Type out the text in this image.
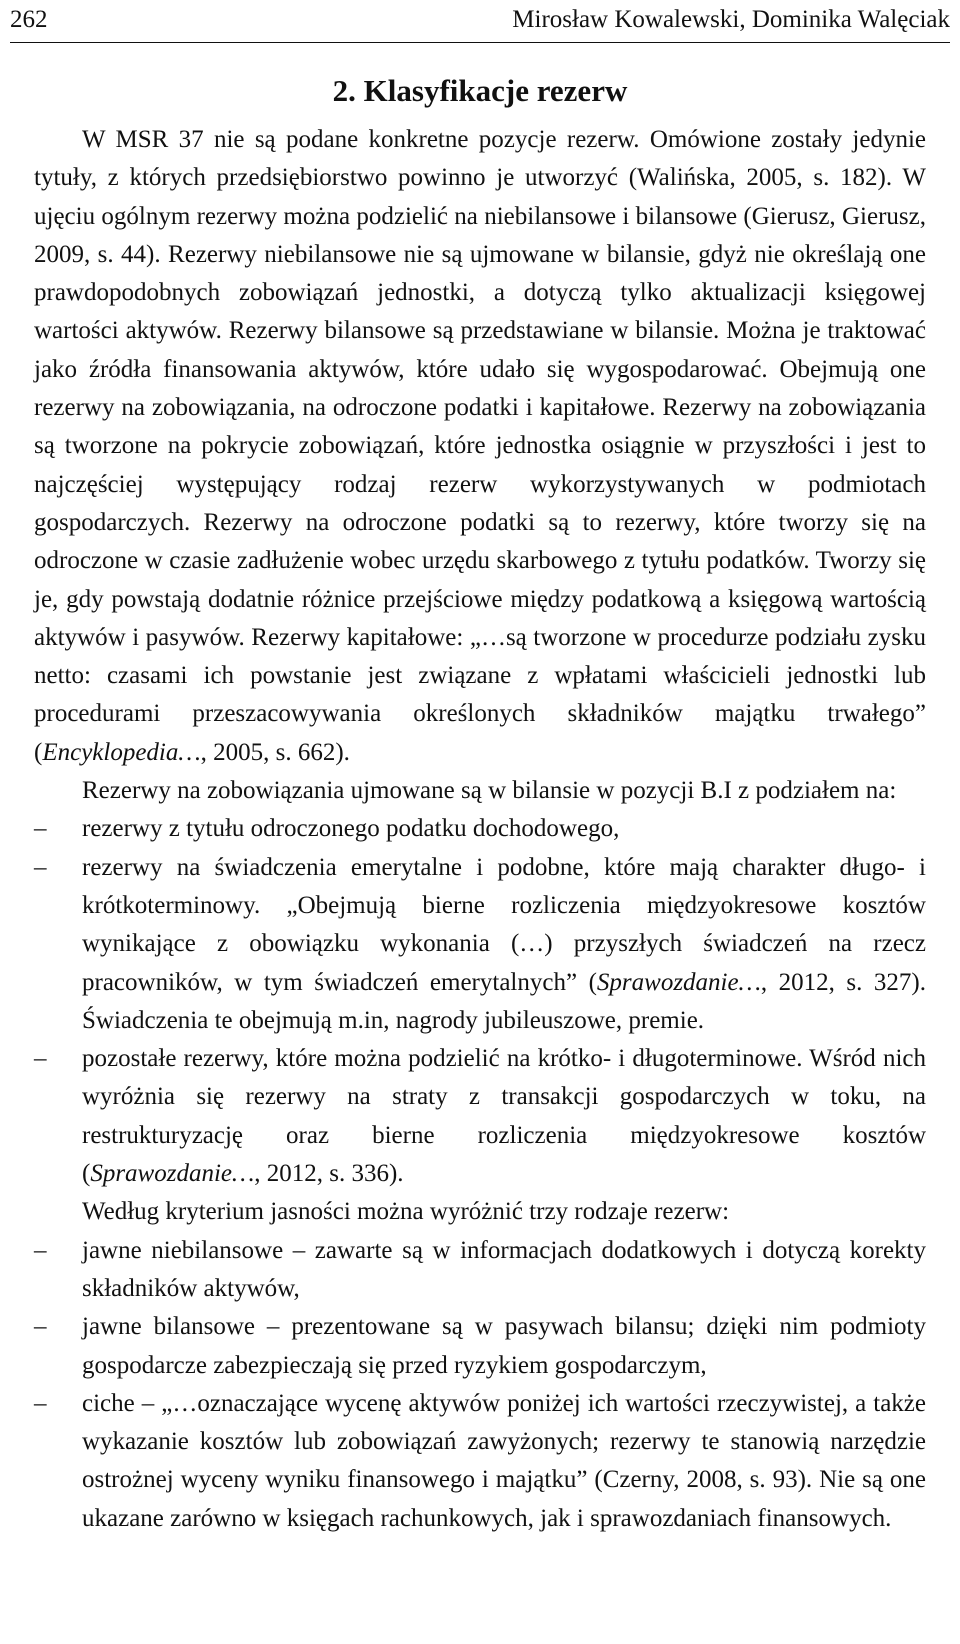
262	Mirosław Kowalewski, Dominika Walęciak
2. Klasyfikacje rezerw

W MSR 37 nie są podane konkretne pozycje rezerw. Omówione zostały jedynie tytuły, z których przedsiębiorstwo powinno je utworzyć (Walińska, 2005, s. 182). W ujęciu ogólnym rezerwy można podzielić na niebilansowe i bilansowe (Gierusz, Gierusz, 2009, s. 44). Rezerwy niebilansowe nie są ujmowane w bilansie, gdyż nie określają one prawdopodobnych zobowiązań jednostki, a dotyczą tylko aktualizacji księgowej wartości aktywów. Rezerwy bilansowe są przedstawiane w bilansie. Można je traktować jako źródła finansowania aktywów, które udało się wygospodarować. Obejmują one rezerwy na zobowiązania, na odroczone podatki i kapitałowe. Rezerwy na zobowiązania są tworzone na pokrycie zobowiązań, które jednostka osiągnie w przyszłości i jest to najczęściej występujący rodzaj rezerw wykorzystywanych w podmiotach gospodarczych. Rezerwy na odroczone podatki są to rezerwy, które tworzy się na odroczone w czasie zadłużenie wobec urzędu skarbowego z tytułu podatków. Tworzy się je, gdy powstają dodatnie różnice przejściowe między podatkową a księgową wartością aktywów i pasywów. Rezerwy kapitałowe: „…są tworzone w procedurze podziału zysku netto: czasami ich powstanie jest związane z wpłatami właścicieli jednostki lub procedurami przeszacowywania określonych składników majątku trwałego” (Encyklopedia…, 2005, s. 662).

Rezerwy na zobowiązania ujmowane są w bilansie w pozycji B.I z podziałem na:

– rezerwy z tytułu odroczonego podatku dochodowego,
– rezerwy na świadczenia emerytalne i podobne, które mają charakter długo- i krótkoterminowy. „Obejmują bierne rozliczenia międzyokresowe kosztów wynikające z obowiązku wykonania (…) przyszłych świadczeń na rzecz pracowników, w tym świadczeń emerytalnych” (Sprawozdanie…, 2012, s. 327). Świadczenia te obejmują m.in, nagrody jubileuszowe, premie.
– pozostałe rezerwy, które można podzielić na krótko- i długoterminowe. Wśród nich wyróżnia się rezerwy na straty z transakcji gospodarczych w toku, na restrukturyzację oraz bierne rozliczenia międzyokresowe kosztów (Sprawozdanie…, 2012, s. 336).

Według kryterium jasności można wyróżnić trzy rodzaje rezerw:

– jawne niebilansowe – zawarte są w informacjach dodatkowych i dotyczą korekty składników aktywów,
– jawne bilansowe – prezentowane są w pasywach bilansu; dzięki nim podmioty gospodarcze zabezpieczają się przed ryzykiem gospodarczym,
– ciche – „…oznaczające wycenę aktywów poniżej ich wartości rzeczywistej, a także wykazanie kosztów lub zobowiązań zawyżonych; rezerwy te stanowią narzędzie ostrożnej wyceny wyniku finansowego i majątku” (Czerny, 2008, s. 93). Nie są one ukazane zarówno w księgach rachunkowych, jak i sprawozdaniach finansowych.
